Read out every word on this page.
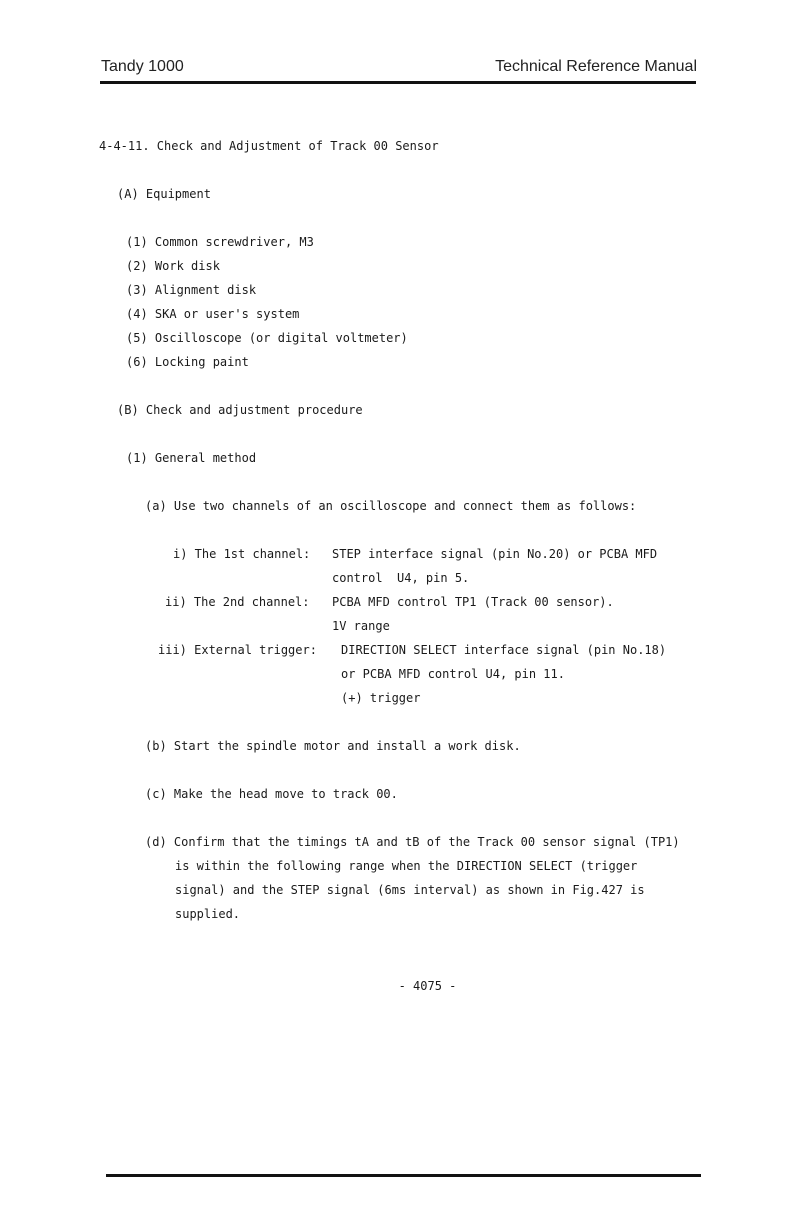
Tandy 1000	Technical Reference Manual
4-4-11. Check and Adjustment of Track 00 Sensor
(A) Equipment
(1) Common screwdriver, M3
(2) Work disk
(3) Alignment disk
(4) SKA or user's system
(5) Oscilloscope (or digital voltmeter)
(6) Locking paint
(B) Check and adjustment procedure
(1) General method
(a) Use two channels of an oscilloscope and connect them as follows:
i) The 1st channel: STEP interface signal (pin No.20) or PCBA MFD
control  U4, pin 5.
ii) The 2nd channel: PCBA MFD control TP1 (Track 00 sensor).
1V range
iii) External trigger: DIRECTION SELECT interface signal (pin No.18)
or PCBA MFD control U4, pin 11.
(+) trigger
(b) Start the spindle motor and install a work disk.
(c) Make the head move to track 00.
(d) Confirm that the timings tA and tB of the Track 00 sensor signal (TP1)
is within the following range when the DIRECTION SELECT (trigger
signal) and the STEP signal (6ms interval) as shown in Fig.427 is
supplied.
- 4075 -
